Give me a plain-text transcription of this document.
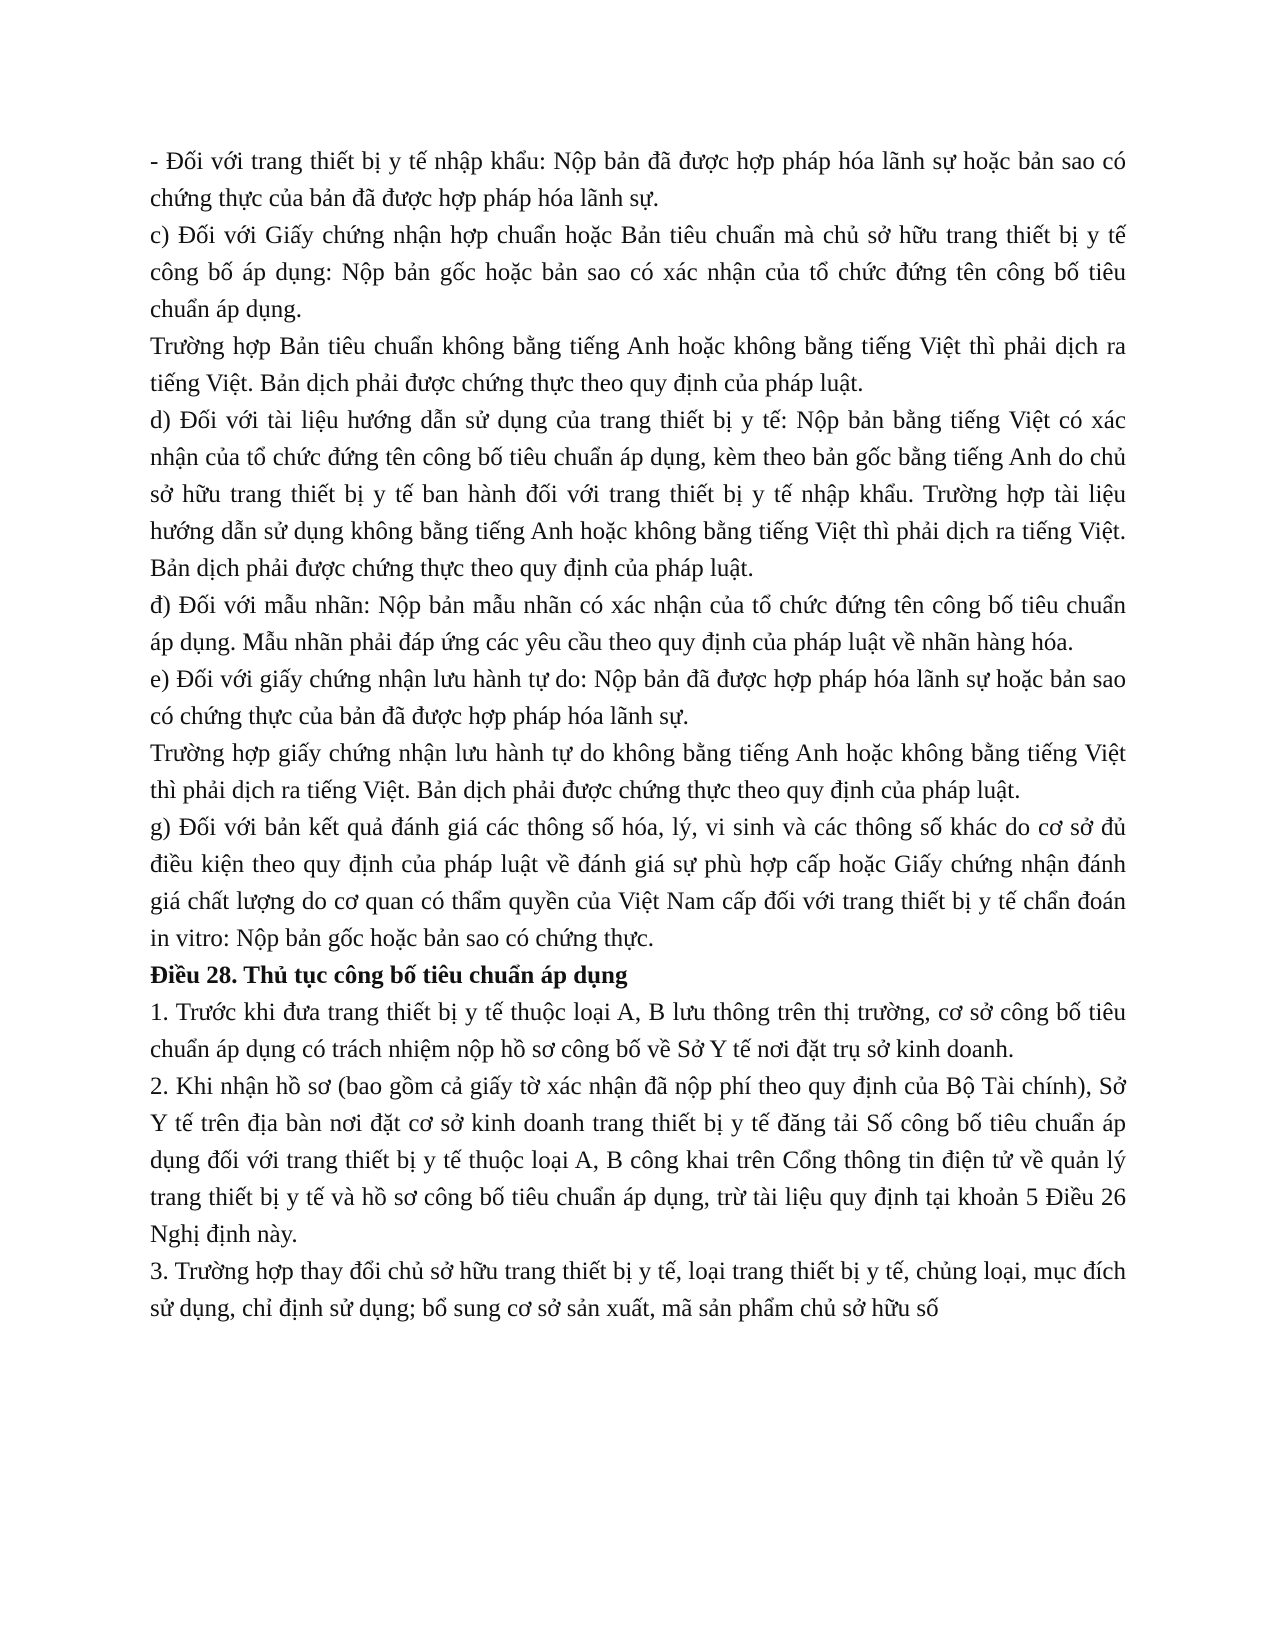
- Đối với trang thiết bị y tế nhập khẩu: Nộp bản đã được hợp pháp hóa lãnh sự hoặc bản sao có chứng thực của bản đã được hợp pháp hóa lãnh sự.

c) Đối với Giấy chứng nhận hợp chuẩn hoặc Bản tiêu chuẩn mà chủ sở hữu trang thiết bị y tế công bố áp dụng: Nộp bản gốc hoặc bản sao có xác nhận của tổ chức đứng tên công bố tiêu chuẩn áp dụng.

Trường hợp Bản tiêu chuẩn không bằng tiếng Anh hoặc không bằng tiếng Việt thì phải dịch ra tiếng Việt. Bản dịch phải được chứng thực theo quy định của pháp luật.

d) Đối với tài liệu hướng dẫn sử dụng của trang thiết bị y tế: Nộp bản bằng tiếng Việt có xác nhận của tổ chức đứng tên công bố tiêu chuẩn áp dụng, kèm theo bản gốc bằng tiếng Anh do chủ sở hữu trang thiết bị y tế ban hành đối với trang thiết bị y tế nhập khẩu. Trường hợp tài liệu hướng dẫn sử dụng không bằng tiếng Anh hoặc không bằng tiếng Việt thì phải dịch ra tiếng Việt. Bản dịch phải được chứng thực theo quy định của pháp luật.

đ) Đối với mẫu nhãn: Nộp bản mẫu nhãn có xác nhận của tổ chức đứng tên công bố tiêu chuẩn áp dụng. Mẫu nhãn phải đáp ứng các yêu cầu theo quy định của pháp luật về nhãn hàng hóa.

e) Đối với giấy chứng nhận lưu hành tự do: Nộp bản đã được hợp pháp hóa lãnh sự hoặc bản sao có chứng thực của bản đã được hợp pháp hóa lãnh sự.

Trường hợp giấy chứng nhận lưu hành tự do không bằng tiếng Anh hoặc không bằng tiếng Việt thì phải dịch ra tiếng Việt. Bản dịch phải được chứng thực theo quy định của pháp luật.

g) Đối với bản kết quả đánh giá các thông số hóa, lý, vi sinh và các thông số khác do cơ sở đủ điều kiện theo quy định của pháp luật về đánh giá sự phù hợp cấp hoặc Giấy chứng nhận đánh giá chất lượng do cơ quan có thẩm quyền của Việt Nam cấp đối với trang thiết bị y tế chẩn đoán in vitro: Nộp bản gốc hoặc bản sao có chứng thực.

Điều 28. Thủ tục công bố tiêu chuẩn áp dụng

1. Trước khi đưa trang thiết bị y tế thuộc loại A, B lưu thông trên thị trường, cơ sở công bố tiêu chuẩn áp dụng có trách nhiệm nộp hồ sơ công bố về Sở Y tế nơi đặt trụ sở kinh doanh.

2. Khi nhận hồ sơ (bao gồm cả giấy tờ xác nhận đã nộp phí theo quy định của Bộ Tài chính), Sở Y tế trên địa bàn nơi đặt cơ sở kinh doanh trang thiết bị y tế đăng tải Số công bố tiêu chuẩn áp dụng đối với trang thiết bị y tế thuộc loại A, B công khai trên Cổng thông tin điện tử về quản lý trang thiết bị y tế và hồ sơ công bố tiêu chuẩn áp dụng, trừ tài liệu quy định tại khoản 5 Điều 26 Nghị định này.

3. Trường hợp thay đổi chủ sở hữu trang thiết bị y tế, loại trang thiết bị y tế, chủng loại, mục đích sử dụng, chỉ định sử dụng; bổ sung cơ sở sản xuất, mã sản phẩm chủ sở hữu số
